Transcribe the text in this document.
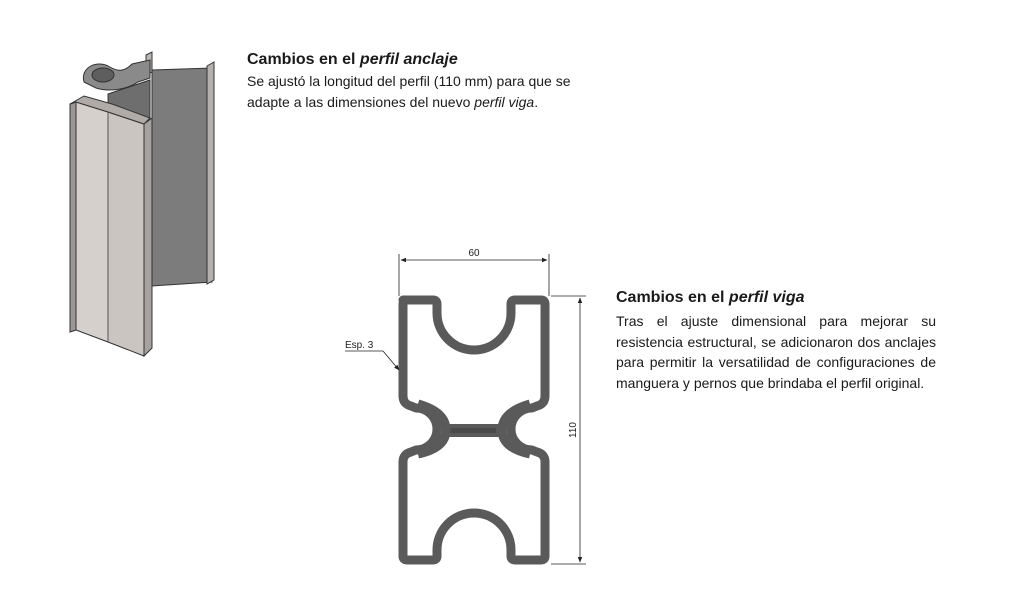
Cambios en el perfil anclaje

Se ajustó la longitud del perfil (110 mm) para que se adapte a las dimensiones del nuevo perfil viga.

60
110
Esp. 3
Cambios en el perfil viga

Tras el ajuste dimensional para mejorar su resistencia estructural, se adicionaron dos anclajes para permitir la versatilidad de configuraciones de manguera y pernos que brindaba el perfil original.
